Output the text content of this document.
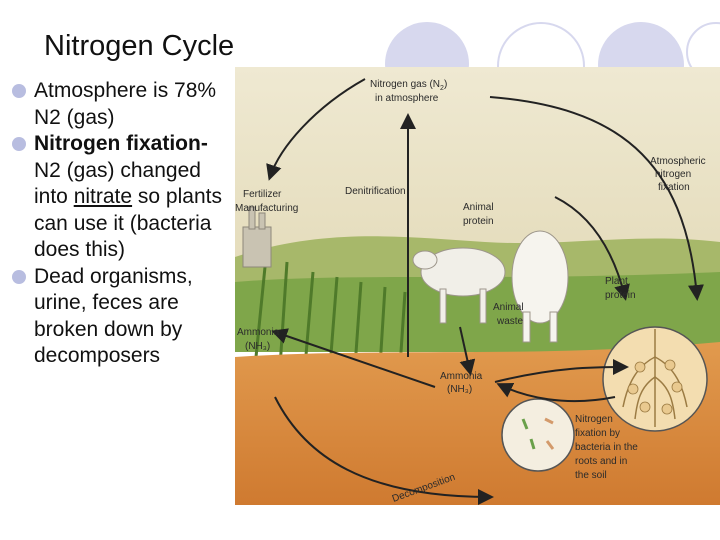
Nitrogen Cycle
Atmosphere is 78% N2 (gas)
Nitrogen fixation- N2 (gas) changed into nitrate so plants can use it (bacteria does this)
Dead organisms, urine, feces are broken down by decomposers
Nitrogen gas $(N_2)$
in atmosphere
Atmospheric
nitrogen
fixation
Fertilizer
Manufacturing
Denitrification
Animal
protein
Plant
protein
Animal
waste
Ammonia
(NH₃)
Ammonia
(NH₃)
Decomposition
Nitrogen
fixation by
bacteria in the
roots and in
the soil
